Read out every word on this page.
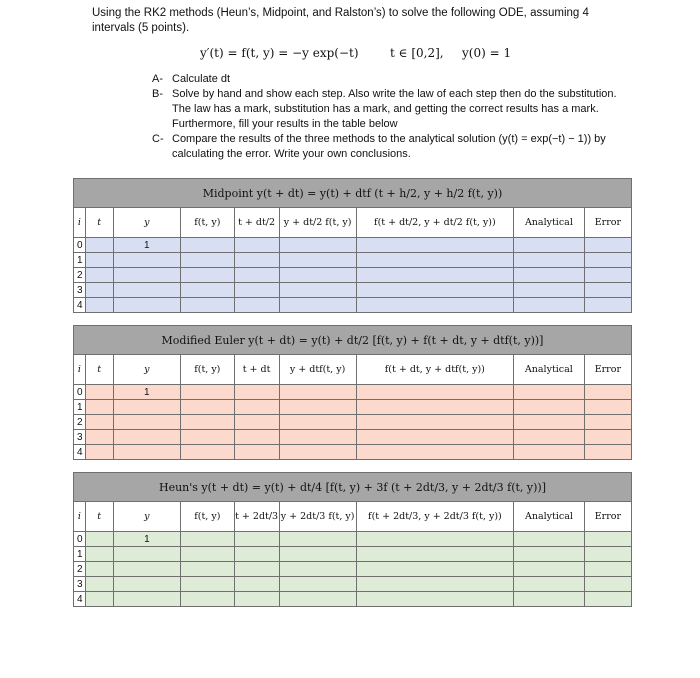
Using the RK2 methods (Heun’s, Midpoint, and Ralston’s) to solve the following ODE, assuming 4 intervals (5 points).
y′(t) = f(t, y) = −y exp(−t)	t ∈ [0,2], y(0) = 1
A- Calculate dt
B- Solve by hand and show each step. Also write the law of each step then do the substitution. The law has a mark, substitution has a mark, and getting the correct results has a mark. Furthermore, fill your results in the table below
C- Compare the results of the three methods to the analytical solution (y(t) = exp(−t) − 1)) by calculating the error. Write your own conclusions.
Midpoint y(t + dt) = y(t) + dtf (t + h/2, y + h/2 f(t, y))								
i	t	y	f(t, y)	t + dt/2	y + dt/2 f(t, y)	f(t + dt/2, y + dt/2 f(t, y))	Analytical	Error
0		1						
1								
2								
3								
4								
Modified Euler y(t + dt) = y(t) + dt/2 [f(t, y) + f(t + dt, y + dtf(t, y))]								
i	t	y	f(t, y)	t + dt	y + dtf(t, y)	f(t + dt, y + dtf(t, y))	Analytical	Error
0		1						
1								
2								
3								
4								
Heun's y(t + dt) = y(t) + dt/4 [f(t, y) + 3f (t + 2dt/3, y + 2dt/3 f(t, y))]								
i	t	y	f(t, y)	t + 2dt/3	y + 2dt/3 f(t, y)	f(t + 2dt/3, y + 2dt/3 f(t, y))	Analytical	Error
0		1						
1								
2								
3								
4								
